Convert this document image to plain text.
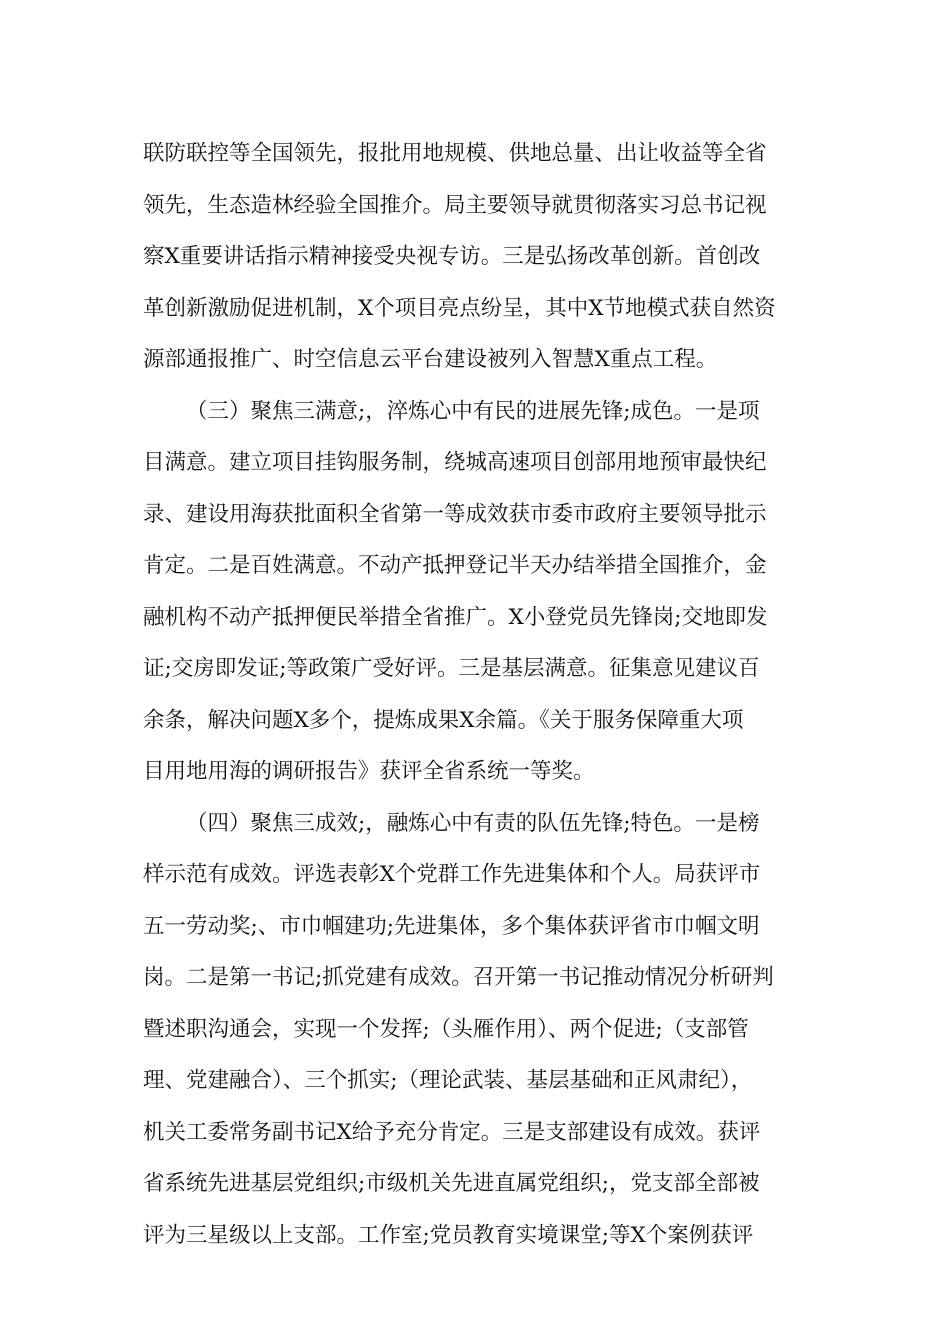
联防联控等全国领先，报批用地规模、供地总量、出让收益等全省
领先，生态造林经验全国推介。局主要领导就贯彻落实习总书记视
察X重要讲话指示精神接受央视专访。三是弘扬改革创新。首创改
革创新激励促进机制，X个项目亮点纷呈，其中X节地模式获自然资
源部通报推广、时空信息云平台建设被列入智慧X重点工程。
（三）聚焦三满意;，淬炼心中有民的进展先锋;成色。一是项
目满意。建立项目挂钩服务制，绕城高速项目创部用地预审最快纪
录、建设用海获批面积全省第一等成效获市委市政府主要领导批示
肯定。二是百姓满意。不动产抵押登记半天办结举措全国推介，金
融机构不动产抵押便民举措全省推广。X小登党员先锋岗;交地即发
证;交房即发证;等政策广受好评。三是基层满意。征集意见建议百
余条，解决问题X多个，提炼成果X余篇。《关于服务保障重大项
目用地用海的调研报告》获评全省系统一等奖。
（四）聚焦三成效;，融炼心中有责的队伍先锋;特色。一是榜
样示范有成效。评选表彰X个党群工作先进集体和个人。局获评市
五一劳动奖;、市巾帼建功;先进集体，多个集体获评省市巾帼文明
岗。二是第一书记;抓党建有成效。召开第一书记推动情况分析研判
暨述职沟通会，实现一个发挥;（头雁作用）、两个促进;（支部管
理、党建融合）、三个抓实;（理论武装、基层基础和正风肃纪），
机关工委常务副书记X给予充分肯定。三是支部建设有成效。获评
省系统先进基层党组织;市级机关先进直属党组织;，党支部全部被
评为三星级以上支部。工作室;党员教育实境课堂;等X个案例获评
